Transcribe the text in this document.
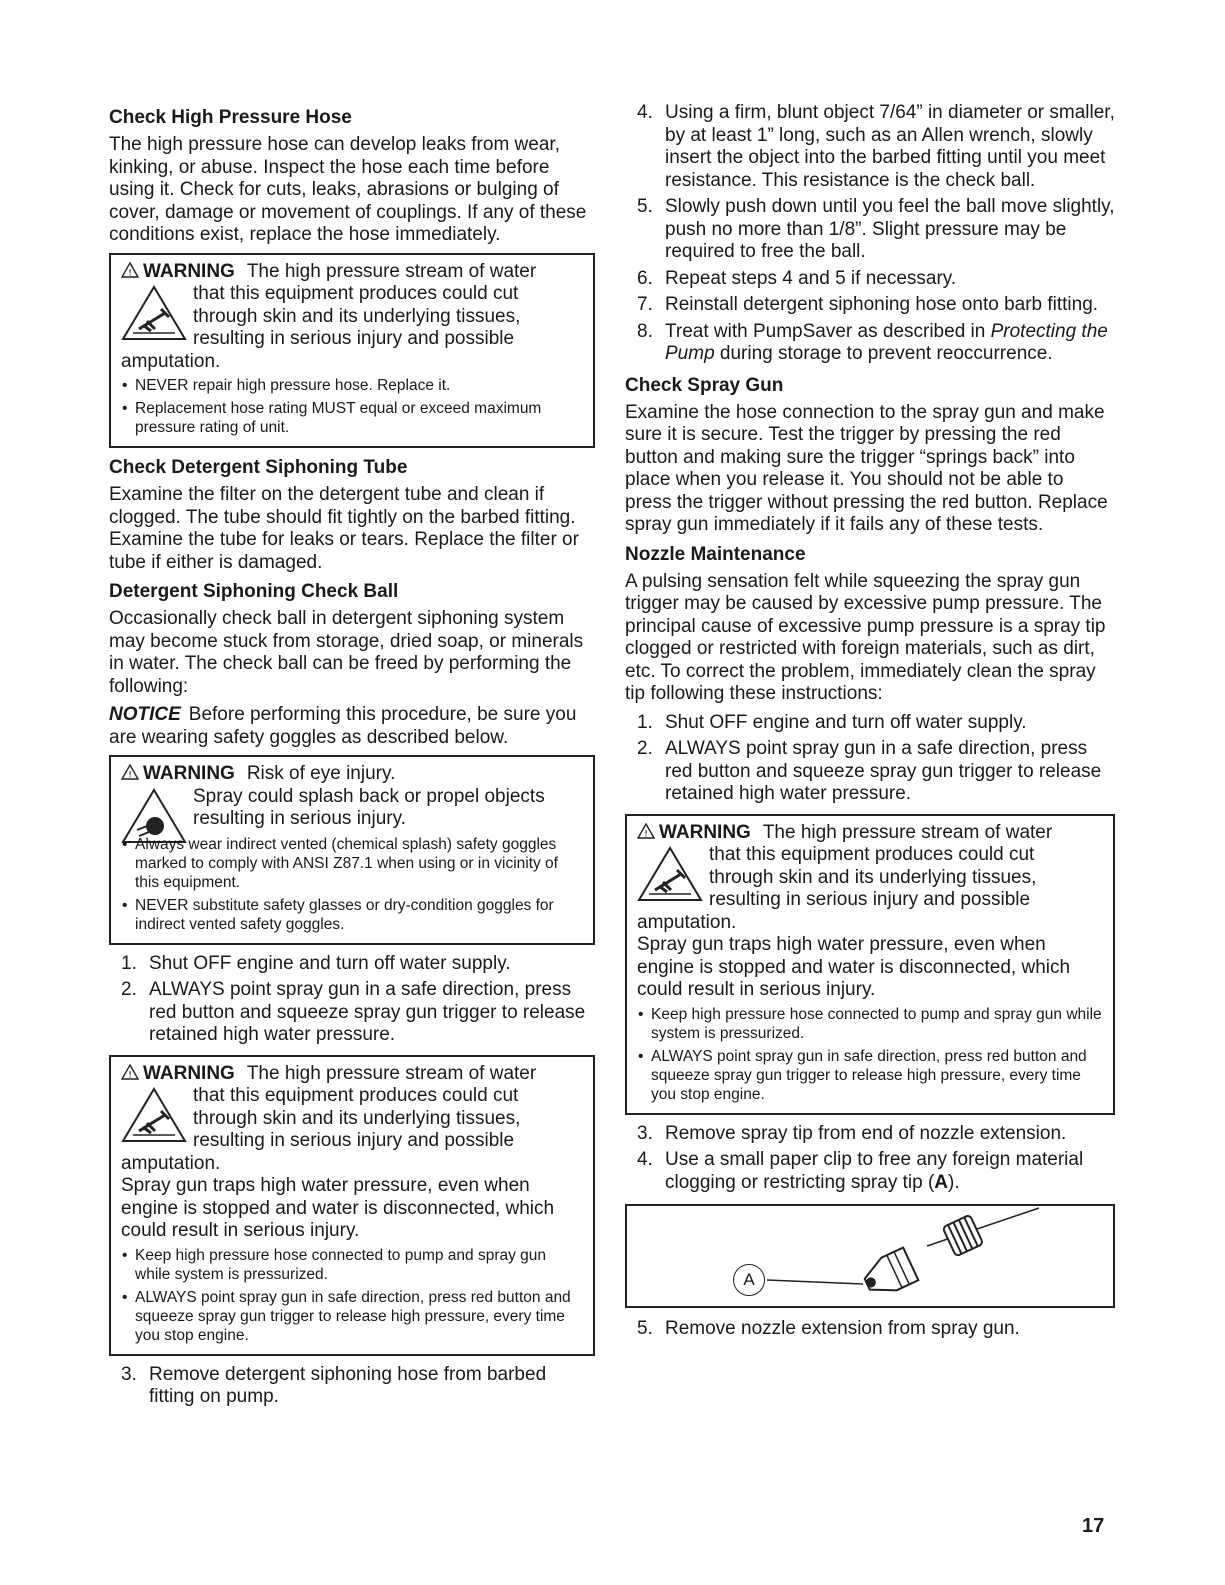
Check High Pressure Hose

The high pressure hose can develop leaks from wear, kinking, or abuse. Inspect the hose each time before using it. Check for cuts, leaks, abrasions or bulging of cover, damage or movement of couplings. If any of these conditions exist, replace the hose immediately.

! WARNING The high pressure stream of water
that this equipment produces could cut through skin and its underlying tissues, resulting in serious injury and possible
amputation.
• NEVER repair high pressure hose. Replace it.
• Replacement hose rating MUST equal or exceed maximum pressure rating of unit.
Check Detergent Siphoning Tube

Examine the filter on the detergent tube and clean if clogged. The tube should fit tightly on the barbed fitting. Examine the tube for leaks or tears. Replace the filter or tube if either is damaged.

Detergent Siphoning Check Ball

Occasionally check ball in detergent siphoning system may become stuck from storage, dried soap, or minerals in water. The check ball can be freed by performing the following:

NOTICE Before performing this procedure, be sure you are wearing safety goggles as described below.

! WARNING Risk of eye injury.
Spray could splash back or propel objects resulting in serious injury.
• Always wear indirect vented (chemical splash) safety goggles marked to comply with ANSI Z87.1 when using or in vicinity of this equipment.
• NEVER substitute safety glasses or dry-condition goggles for indirect vented safety goggles.
1. Shut OFF engine and turn off water supply.
2. ALWAYS point spray gun in a safe direction, press red button and squeeze spray gun trigger to release retained high water pressure.
! WARNING The high pressure stream of water
that this equipment produces could cut through skin and its underlying tissues, resulting in serious injury and possible
amputation.
Spray gun traps high water pressure, even when engine is stopped and water is disconnected, which could result in serious injury.
• Keep high pressure hose connected to pump and spray gun while system is pressurized.
• ALWAYS point spray gun in safe direction, press red button and squeeze spray gun trigger to release high pressure, every time you stop engine.
3. Remove detergent siphoning hose from barbed fitting on pump.
4. Using a firm, blunt object 7/64” in diameter or smaller, by at least 1” long, such as an Allen wrench, slowly insert the object into the barbed fitting until you meet resistance. This resistance is the check ball.
5. Slowly push down until you feel the ball move slightly, push no more than 1/8”. Slight pressure may be required to free the ball.
6. Repeat steps 4 and 5 if necessary.
7. Reinstall detergent siphoning hose onto barb fitting.
8. Treat with PumpSaver as described in Protecting the Pump during storage to prevent reoccurrence.
Check Spray Gun

Examine the hose connection to the spray gun and make sure it is secure. Test the trigger by pressing the red button and making sure the trigger “springs back” into place when you release it. You should not be able to press the trigger without pressing the red button. Replace spray gun immediately if it fails any of these tests.

Nozzle Maintenance

A pulsing sensation felt while squeezing the spray gun trigger may be caused by excessive pump pressure. The principal cause of excessive pump pressure is a spray tip clogged or restricted with foreign materials, such as dirt, etc. To correct the problem, immediately clean the spray tip following these instructions:

1. Shut OFF engine and turn off water supply.
2. ALWAYS point spray gun in a safe direction, press red button and squeeze spray gun trigger to release retained high water pressure.
! WARNING The high pressure stream of water
that this equipment produces could cut through skin and its underlying tissues, resulting in serious injury and possible
amputation.
Spray gun traps high water pressure, even when engine is stopped and water is disconnected, which could result in serious injury.
• Keep high pressure hose connected to pump and spray gun while system is pressurized.
• ALWAYS point spray gun in safe direction, press red button and squeeze spray gun trigger to release high pressure, every time you stop engine.
3. Remove spray tip from end of nozzle extension.
4. Use a small paper clip to free any foreign material clogging or restricting spray tip (A).
A
5. Remove nozzle extension from spray gun.
17
